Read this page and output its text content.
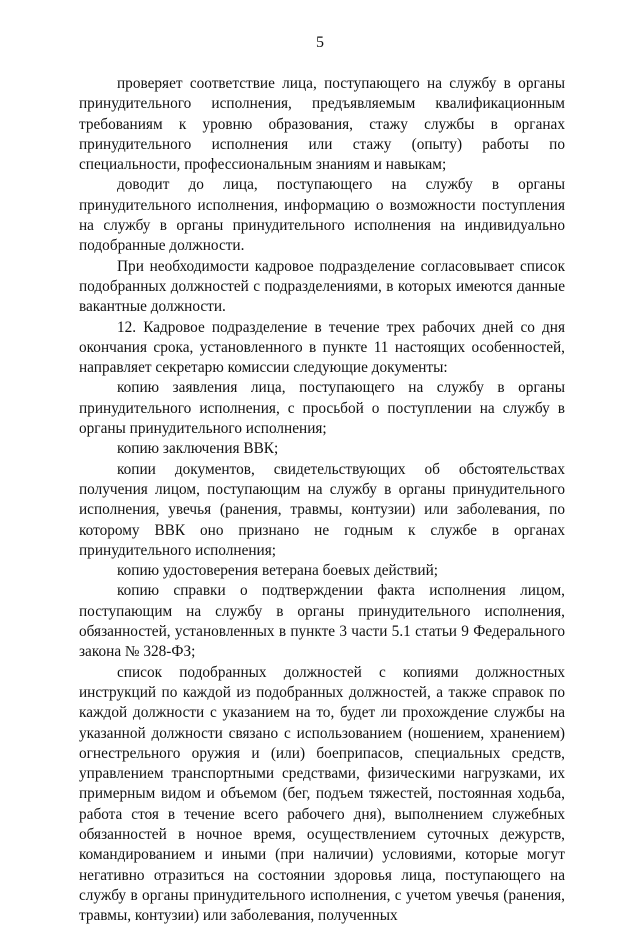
5

проверяет соответствие лица, поступающего на службу в органы принудительного исполнения, предъявляемым квалификационным требованиям к уровню образования, стажу службы в органах принудительного исполнения или стажу (опыту) работы по специальности, профессиональным знаниям и навыкам;

доводит до лица, поступающего на службу в органы принудительного исполнения, информацию о возможности поступления на службу в органы принудительного исполнения на индивидуально подобранные должности.

При необходимости кадровое подразделение согласовывает список подобранных должностей с подразделениями, в которых имеются данные вакантные должности.

12. Кадровое подразделение в течение трех рабочих дней со дня окончания срока, установленного в пункте 11 настоящих особенностей, направляет секретарю комиссии следующие документы:

копию заявления лица, поступающего на службу в органы принудительного исполнения, с просьбой о поступлении на службу в органы принудительного исполнения;

копию заключения ВВК;

копии документов, свидетельствующих об обстоятельствах получения лицом, поступающим на службу в органы принудительного исполнения, увечья (ранения, травмы, контузии) или заболевания, по которому ВВК оно признано не годным к службе в органах принудительного исполнения;

копию удостоверения ветерана боевых действий;

копию справки о подтверждении факта исполнения лицом, поступающим на службу в органы принудительного исполнения, обязанностей, установленных в пункте 3 части 5.1 статьи 9 Федерального закона № 328-ФЗ;

список подобранных должностей с копиями должностных инструкций по каждой из подобранных должностей, а также справок по каждой должности с указанием на то, будет ли прохождение службы на указанной должности связано с использованием (ношением, хранением) огнестрельного оружия и (или) боеприпасов, специальных средств, управлением транспортными средствами, физическими нагрузками, их примерным видом и объемом (бег, подъем тяжестей, постоянная ходьба, работа стоя в течение всего рабочего дня), выполнением служебных обязанностей в ночное время, осуществлением суточных дежурств, командированием и иными (при наличии) условиями, которые могут негативно отразиться на состоянии здоровья лица, поступающего на службу в органы принудительного исполнения, с учетом увечья (ранения, травмы, контузии) или заболевания, полученных
